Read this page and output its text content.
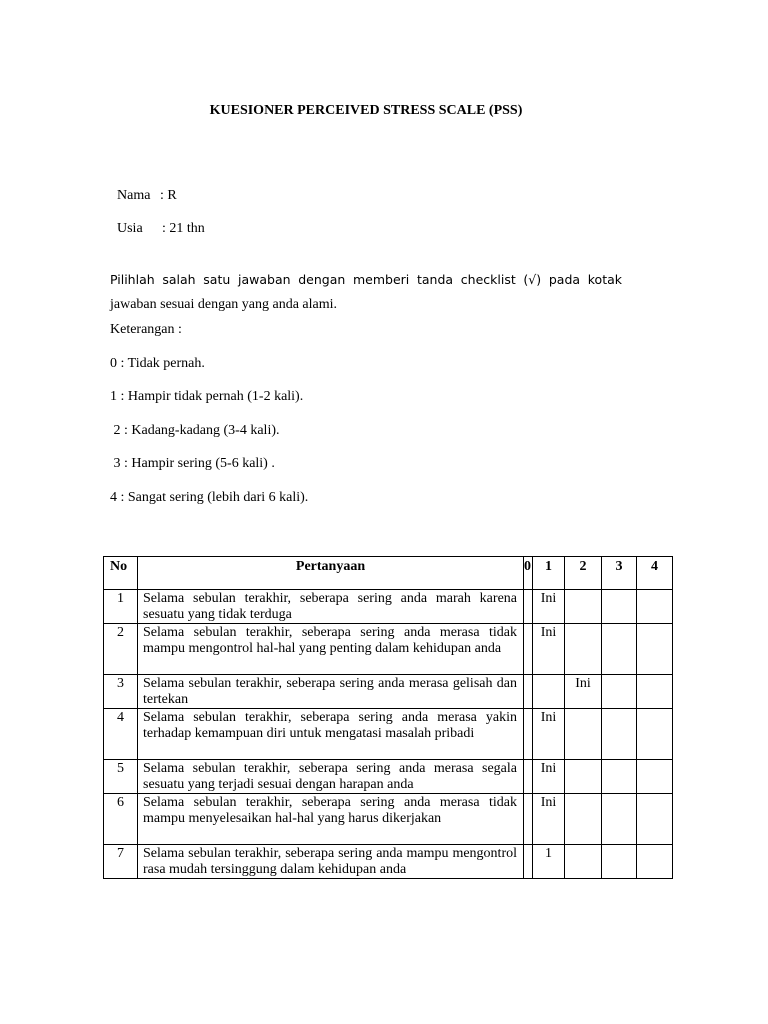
KUESIONER PERCEIVED STRESS SCALE (PSS)

Nama : R

Usia : 21 thn

Pilihlah salah satu jawaban dengan memberi tanda checklist (√) pada kotak
jawaban sesuai dengan yang anda alami.
Keterangan :
0 : Tidak pernah.
1 : Hampir tidak pernah (1-2 kali).
2 : Kadang-kadang (3-4 kali).
3 : Hampir sering (5-6 kali) .
4 : Sangat sering (lebih dari 6 kali).
No	Pertanyaan	0	1	2	3	4
1	Selama sebulan terakhir, seberapa sering anda marah karena sesuatu yang tidak terduga		Ini			
2	Selama sebulan terakhir, seberapa sering anda merasa tidak mampu mengontrol hal-hal yang penting dalam kehidupan anda		Ini			
3	Selama sebulan terakhir, seberapa sering anda merasa gelisah dan tertekan			Ini		
4	Selama sebulan terakhir, seberapa sering anda merasa yakin terhadap kemampuan diri untuk mengatasi masalah pribadi		Ini			
5	Selama sebulan terakhir, seberapa sering anda merasa segala sesuatu yang terjadi sesuai dengan harapan anda		Ini			
6	Selama sebulan terakhir, seberapa sering anda merasa tidak mampu menyelesaikan hal-hal yang harus dikerjakan		Ini			
7	Selama sebulan terakhir, seberapa sering anda mampu mengontrol rasa mudah tersinggung dalam kehidupan anda		1			
